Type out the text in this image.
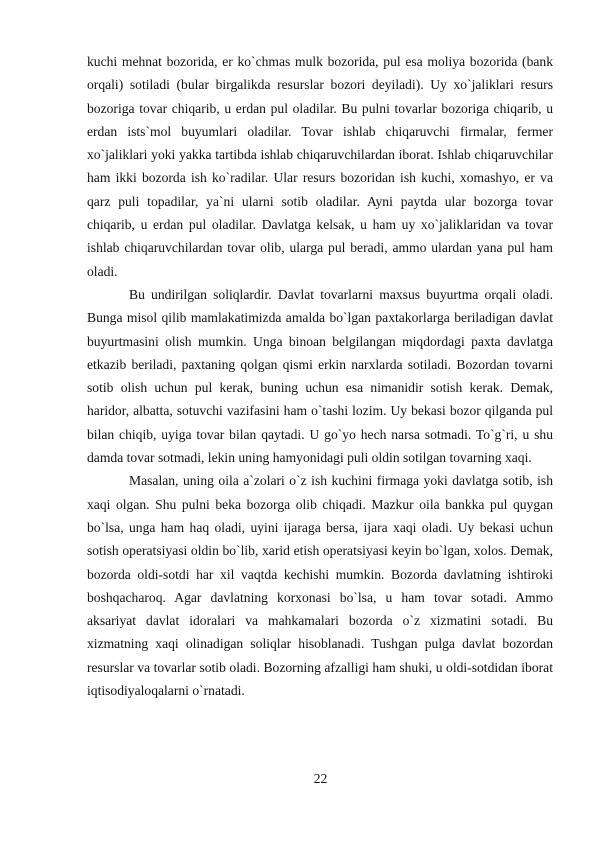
kuchi mehnat bozorida, er ko`chmas mulk bozorida, pul esa moliya bozorida (bank orqali) sotiladi (bular birgalikda resurslar bozori deyiladi). Uy xo`jaliklari resurs bozoriga tovar chiqarib, u erdan pul oladilar. Bu pulni tovarlar bozoriga chiqarib, u erdan ists`mol buyumlari oladilar. Tovar ishlab chiqaruvchi firmalar, fermer xo`jaliklari yoki yakka tartibda ishlab chiqaruvchilardan iborat. Ishlab chiqaruvchilar ham ikki bozorda ish ko`radilar. Ular resurs bozoridan ish kuchi, xomashyo, er va qarz puli topadilar, ya`ni ularni sotib oladilar. Ayni paytda ular bozorga tovar chiqarib, u erdan pul oladilar. Davlatga kelsak, u ham uy xo`jaliklaridan va tovar ishlab chiqaruvchilardan tovar olib, ularga pul beradi, ammo ulardan yana pul ham oladi.

Bu undirilgan soliqlardir. Davlat tovarlarni maxsus buyurtma orqali oladi. Bunga misol qilib mamlakatimizda amalda bo`lgan paxtakorlarga beriladigan davlat buyurtmasini olish mumkin. Unga binoan belgilangan miqdordagi paxta davlatga etkazib beriladi, paxtaning qolgan qismi erkin narxlarda sotiladi. Bozordan tovarni sotib olish uchun pul kerak, buning uchun esa nimanidir sotish kerak. Demak, haridor, albatta, sotuvchi vazifasini ham o`tashi lozim. Uy bekasi bozor qilganda pul bilan chiqib, uyiga tovar bilan qaytadi. U go`yo hech narsa sotmadi. To`g`ri, u shu damda tovar sotmadi, lekin uning hamyonidagi puli oldin sotilgan tovarning xaqi.

Masalan, uning oila a`zolari o`z ish kuchini firmaga yoki davlatga sotib, ish xaqi olgan. Shu pulni beka bozorga olib chiqadi. Mazkur oila bankka pul quygan bo`lsa, unga ham haq oladi, uyini ijaraga bersa, ijara xaqi oladi. Uy bekasi uchun sotish operatsiyasi oldin bo`lib, xarid etish operatsiyasi keyin bo`lgan, xolos. Demak, bozorda oldi-sotdi har xil vaqtda kechishi mumkin. Bozorda davlatning ishtiroki boshqacharoq. Agar davlatning korxonasi bo`lsa, u ham tovar sotadi. Ammo aksariyat davlat idoralari va mahkamalari bozorda o`z xizmatini sotadi. Bu xizmatning xaqi olinadigan soliqlar hisoblanadi. Tushgan pulga davlat bozordan resurslar va tovarlar sotib oladi. Bozorning afzalligi ham shuki, u oldi-sotdidan iborat iqtisodiyaloqalarni o`rnatadi.

22
